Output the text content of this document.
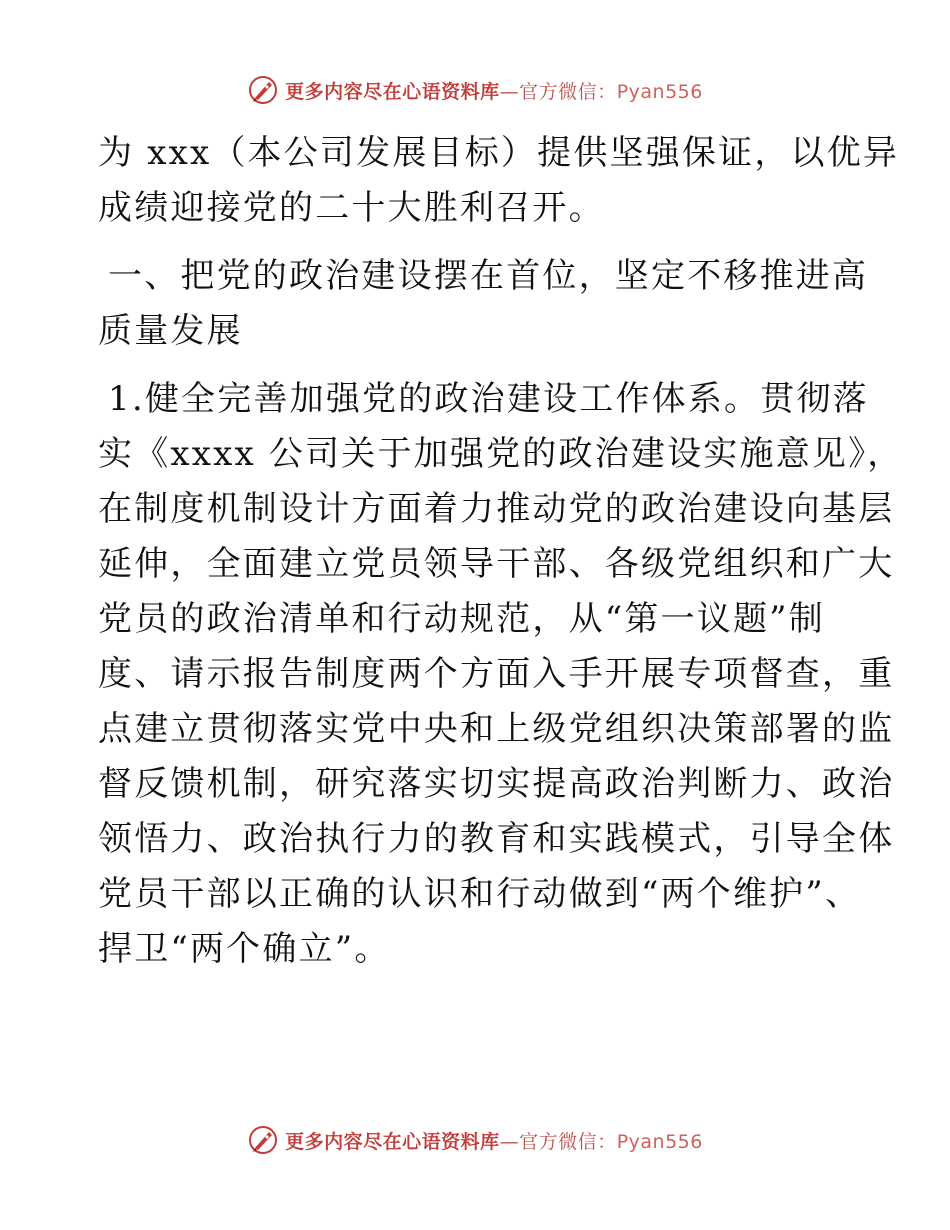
更多内容尽在心语资料库—官方微信：Pyan556

为 xxx（本公司发展目标）提供坚强保证，以优异

成绩迎接党的二十大胜利召开。

一、把党的政治建设摆在首位，坚定不移推进高

质量发展

1.健全完善加强党的政治建设工作体系。贯彻落

实《xxxx 公司关于加强党的政治建设实施意见》，

在制度机制设计方面着力推动党的政治建设向基层

延伸，全面建立党员领导干部、各级党组织和广大

党员的政治清单和行动规范，从“第一议题”制

度、请示报告制度两个方面入手开展专项督查，重

点建立贯彻落实党中央和上级党组织决策部署的监

督反馈机制，研究落实切实提高政治判断力、政治

领悟力、政治执行力的教育和实践模式，引导全体

党员干部以正确的认识和行动做到“两个维护”、

捍卫“两个确立”。

更多内容尽在心语资料库—官方微信：Pyan556
